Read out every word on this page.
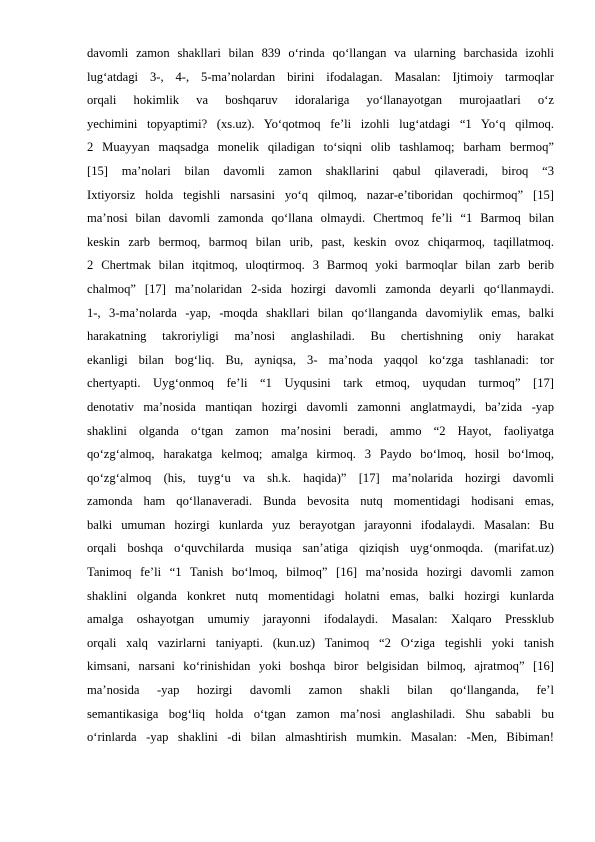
davomli zamon shakllari bilan 839 o‘rinda qo‘llangan va ularning barchasida izohli
lug‘atdagi 3-, 4-, 5-ma’nolardan birini ifodalagan. Masalan: Ijtimoiy tarmoqlar
orqali hokimlik va boshqaruv idoralariga yo‘llanayotgan murojaatlari o‘z
yechimini topyaptimi? (xs.uz). Yo‘qotmoq fe’li izohli lug‘atdagi “1 Yo‘q qilmoq.
2 Muayyan maqsadga monelik qiladigan to‘siqni olib tashlamoq; barham bermoq”
[15] ma’nolari bilan davomli zamon shakllarini qabul qilaveradi, biroq “3
Ixtiyorsiz holda tegishli narsasini yo‘q qilmoq, nazar-e’tiboridan qochirmoq” [15]
ma’nosi bilan davomli zamonda qo‘llana olmaydi. Chertmoq fe’li “1 Barmoq bilan
keskin zarb bermoq, barmoq bilan urib, past, keskin ovoz chiqarmoq, taqillatmoq.
2 Chertmak bilan itqitmoq, uloqtirmoq. 3 Barmoq yoki barmoqlar bilan zarb berib
chalmoq” [17] ma’nolaridan 2-sida hozirgi davomli zamonda deyarli qo‘llanmaydi.
1-, 3-ma’nolarda -yap, -moqda shakllari bilan qo‘llanganda davomiylik emas, balki
harakatning takroriyligi ma’nosi anglashiladi. Bu chertishning oniy harakat
ekanligi bilan bog‘liq. Bu, ayniqsa, 3- ma’noda yaqqol ko‘zga tashlanadi: tor
chertyapti. Uyg‘onmoq fe’li “1 Uyqusini tark etmoq, uyqudan turmoq” [17]
denotativ ma’nosida mantiqan hozirgi davomli zamonni anglatmaydi, ba’zida -yap
shaklini olganda o‘tgan zamon ma’nosini beradi, ammo “2 Hayot, faoliyatga
qo‘zg‘almoq, harakatga kelmoq; amalga kirmoq. 3 Paydo bo‘lmoq, hosil bo‘lmoq,
qo‘zg‘almoq (his, tuyg‘u va sh.k. haqida)” [17] ma’nolarida hozirgi davomli
zamonda ham qo‘llanaveradi. Bunda bevosita nutq momentidagi hodisani emas,
balki umuman hozirgi kunlarda yuz berayotgan jarayonni ifodalaydi. Masalan: Bu
orqali boshqa o‘quvchilarda musiqa san’atiga qiziqish uyg‘onmoqda. (marifat.uz)
Tanimoq fe’li “1 Tanish bo‘lmoq, bilmoq” [16] ma’nosida hozirgi davomli zamon
shaklini olganda konkret nutq momentidagi holatni emas, balki hozirgi kunlarda
amalga oshayotgan umumiy jarayonni ifodalaydi. Masalan: Xalqaro Pressklub
orqali xalq vazirlarni taniyapti. (kun.uz) Tanimoq “2 O‘ziga tegishli yoki tanish
kimsani, narsani ko‘rinishidan yoki boshqa biror belgisidan bilmoq, ajratmoq” [16]
ma’nosida -yap hozirgi davomli zamon shakli bilan qo‘llanganda, fe’l
semantikasiga bog‘liq holda o‘tgan zamon ma’nosi anglashiladi. Shu sababli bu
o‘rinlarda -yap shaklini -di bilan almashtirish mumkin. Masalan: -Men, Bibiman!
